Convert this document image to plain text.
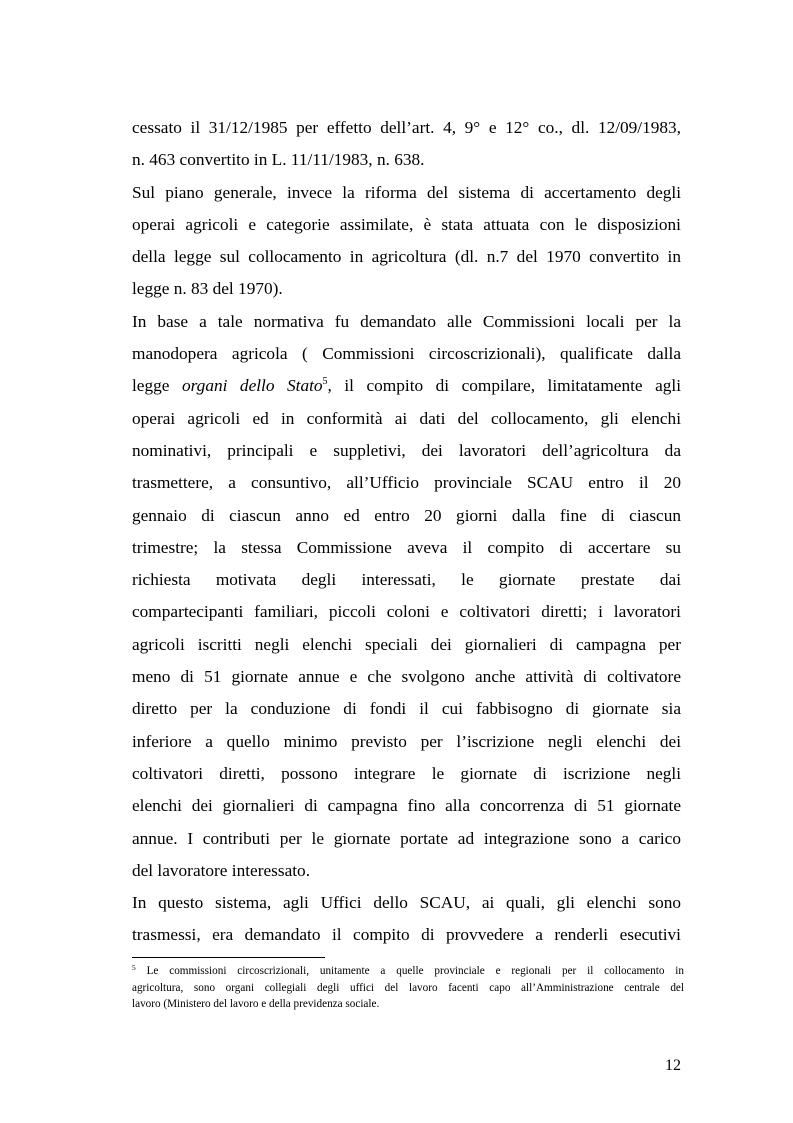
cessato il 31/12/1985 per effetto dell’art. 4, 9° e 12° co., dl. 12/09/1983,
n. 463 convertito in L. 11/11/1983, n. 638.
Sul piano generale, invece la riforma del sistema di accertamento degli
operai agricoli e categorie assimilate, è stata attuata con le disposizioni
della legge sul collocamento in agricoltura (dl. n.7 del 1970 convertito in
legge n. 83 del 1970).
In base a tale normativa fu demandato alle Commissioni locali per la
manodopera agricola ( Commissioni circoscrizionali), qualificate dalla
legge organi dello Stato$^5$, il compito di compilare, limitatamente agli
operai agricoli ed in conformità ai dati del collocamento, gli elenchi
nominativi, principali e suppletivi, dei lavoratori dell’agricoltura da
trasmettere, a consuntivo, all’Ufficio provinciale SCAU entro il 20
gennaio di ciascun anno ed entro 20 giorni dalla fine di ciascun
trimestre; la stessa Commissione aveva il compito di accertare su
richiesta motivata degli interessati, le giornate prestate dai
compartecipanti familiari, piccoli coloni e coltivatori diretti; i lavoratori
agricoli iscritti negli elenchi speciali dei giornalieri di campagna per
meno di 51 giornate annue e che svolgono anche attività di coltivatore
diretto per la conduzione di fondi il cui fabbisogno di giornate sia
inferiore a quello minimo previsto per l’iscrizione negli elenchi dei
coltivatori diretti, possono integrare le giornate di iscrizione negli
elenchi dei giornalieri di campagna fino alla concorrenza di 51 giornate
annue. I contributi per le giornate portate ad integrazione sono a carico
del lavoratore interessato.
In questo sistema, agli Uffici dello SCAU, ai quali, gli elenchi sono
trasmessi, era demandato il compito di provvedere a renderli esecutivi
$^5$ Le commissioni circoscrizionali, unitamente a quelle provinciale e regionali per il collocamento in
agricoltura, sono organi collegiali degli uffici del lavoro facenti capo all’Amministrazione centrale del
lavoro (Ministero del lavoro e della previdenza sociale.
12
